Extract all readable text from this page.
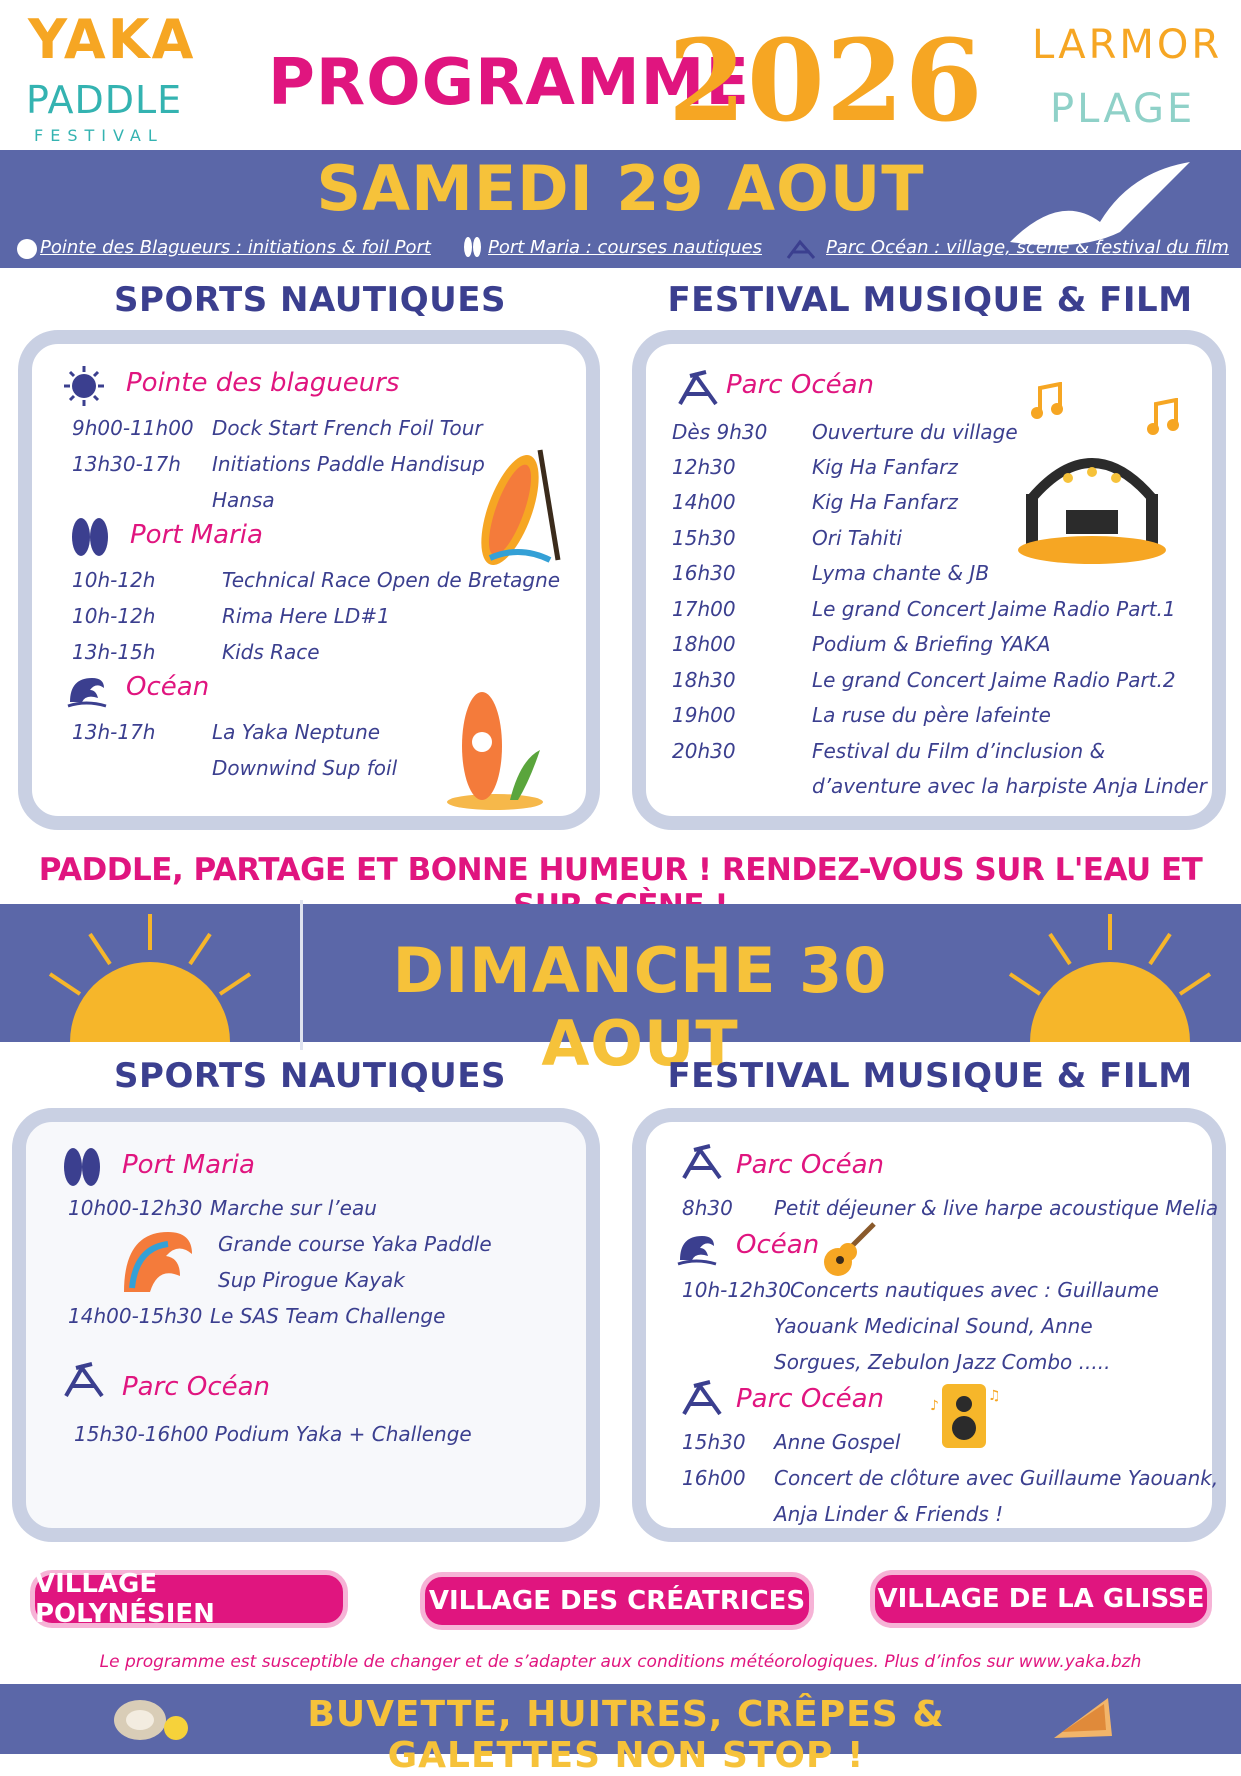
YAKA
PADDLE
FESTIVAL
PROGRAMME
2026 LARMOR
PLAGE
SAMEDI 29 AOUT
Pointe des Blagueurs : initiations & foil Port	Port Maria : courses nautiques	Parc Océan : village, scène & festival du film
SPORTS NAUTIQUES	FESTIVAL MUSIQUE & FILM
Pointe des blagueurs
9h00-11h00 Dock Start French Foil Tour
13h30-17h Initiations Paddle Handisup
Hansa
Port Maria
10h-12h	Technical Race Open de Bretagne
10h-12h	Rima Here LD#1
13h-15h	Kids Race
Océan
13h-17h	La Yaka Neptune
Downwind Sup foil
Parc Océan
Dès 9h30 Ouverture du village
12h30	Kig Ha Fanfarz
14h00	Kig Ha Fanfarz
15h30	Ori Tahiti
16h30	Lyma chante & JB
17h00	Le grand Concert Jaime Radio Part.1
18h00	Podium & Briefing YAKA
18h30	Le grand Concert Jaime Radio Part.2
19h00	La ruse du père lafeinte
20h30	Festival du Film d’inclusion &
d’aventure avec la harpiste Anja Linder
PADDLE, PARTAGE ET BONNE HUMEUR ! RENDEZ-VOUS SUR L'EAU ET
DIMANCHE 30 AOUT
SPORTS NAUTIQUES	FESTIVAL MUSIQUE & FILM
Port Maria
10h00-12h30 Marche sur l’eau
Grande course Yaka Paddle
Sup Pirogue Kayak
14h00-15h30 Le SAS Team Challenge
Parc Océan
15h30-16h00 Podium Yaka + Challenge
Parc Océan
8h30 Petit déjeuner & live harpe acoustique Melia
Océan
10h-12h30 Concerts nautiques avec : Guillaume
Yaouank Medicinal Sound, Anne
Sorgues, Zebulon Jazz Combo .....
Parc Océan	♪
♫
15h30 Anne Gospel
16h00 Concert de clôture avec Guillaume Yaouank,
Anja Linder & Friends !
VILLAGE POLYNÉSIEN	VILLAGE DES CRÉATRICES	VILLAGE DE LA GLISSE
Le programme est susceptible de changer et de s’adapter aux conditions météorologiques. Plus d’infos sur www.yaka.bzh
BUVETTE, HUITRES, CRÊPES & GALETTES NON STOP !
